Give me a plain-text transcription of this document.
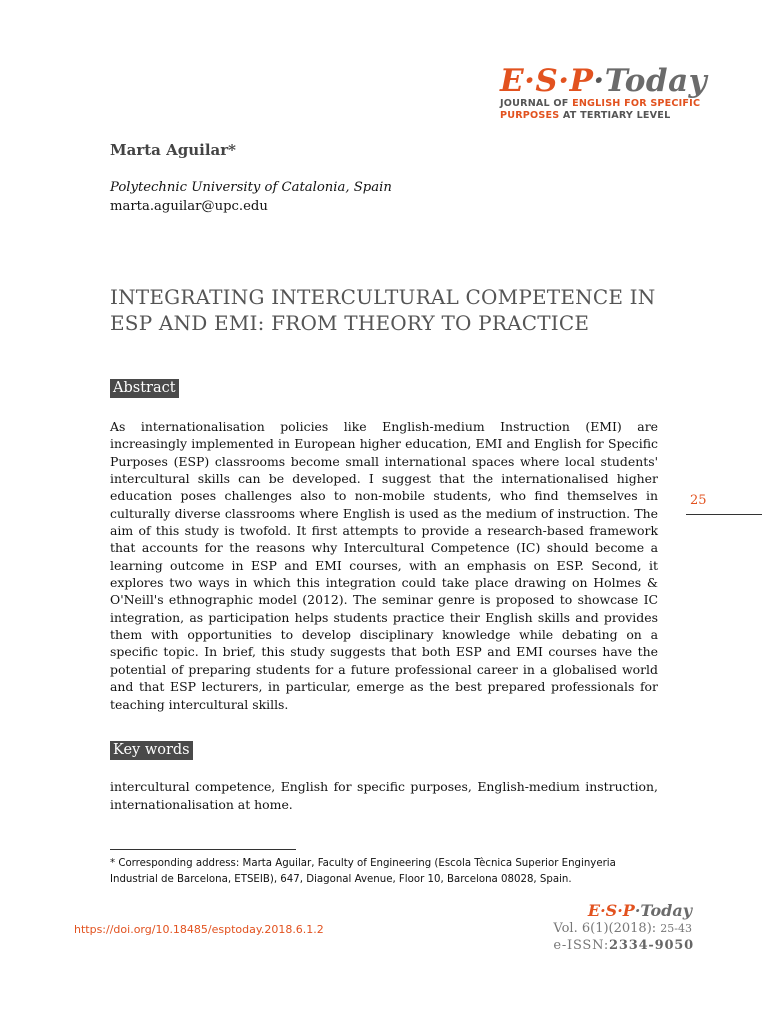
E·S·P·Today
JOURNAL OF ENGLISH FOR SPECIFIC
PURPOSES AT TERTIARY LEVEL
Marta Aguilar*
Polytechnic University of Catalonia, Spain
marta.aguilar@upc.edu
INTEGRATING INTERCULTURAL COMPETENCE IN
ESP AND EMI: FROM THEORY TO PRACTICE
Abstract
As internationalisation policies like English-medium Instruction (EMI) are increasingly implemented in European higher education, EMI and English for Specific Purposes (ESP) classrooms become small international spaces where local students' intercultural skills can be developed. I suggest that the internationalised higher education poses challenges also to non-mobile students, who find themselves in culturally diverse classrooms where English is used as the medium of instruction. The aim of this study is twofold. It first attempts to provide a research-based framework that accounts for the reasons why Intercultural Competence (IC) should become a learning outcome in ESP and EMI courses, with an emphasis on ESP. Second, it explores two ways in which this integration could take place drawing on Holmes & O'Neill's ethnographic model (2012). The seminar genre is proposed to showcase IC integration, as participation helps students practice their English skills and provides them with opportunities to develop disciplinary knowledge while debating on a specific topic. In brief, this study suggests that both ESP and EMI courses have the potential of preparing students for a future professional career in a globalised world and that ESP lecturers, in particular, emerge as the best prepared professionals for teaching intercultural skills.
Key words
intercultural competence, English for specific purposes, English-medium instruction, internationalisation at home.
* Corresponding address: Marta Aguilar, Faculty of Engineering (Escola Tècnica Superior Enginyeria Industrial de Barcelona, ETSEIB), 647, Diagonal Avenue, Floor 10, Barcelona 08028, Spain.
25
E·S·P·Today
https://doi.org/10.18485/esptoday.2018.6.1.2	Vol. 6(1)(2018): 25-43
e-ISSN:2334-9050
